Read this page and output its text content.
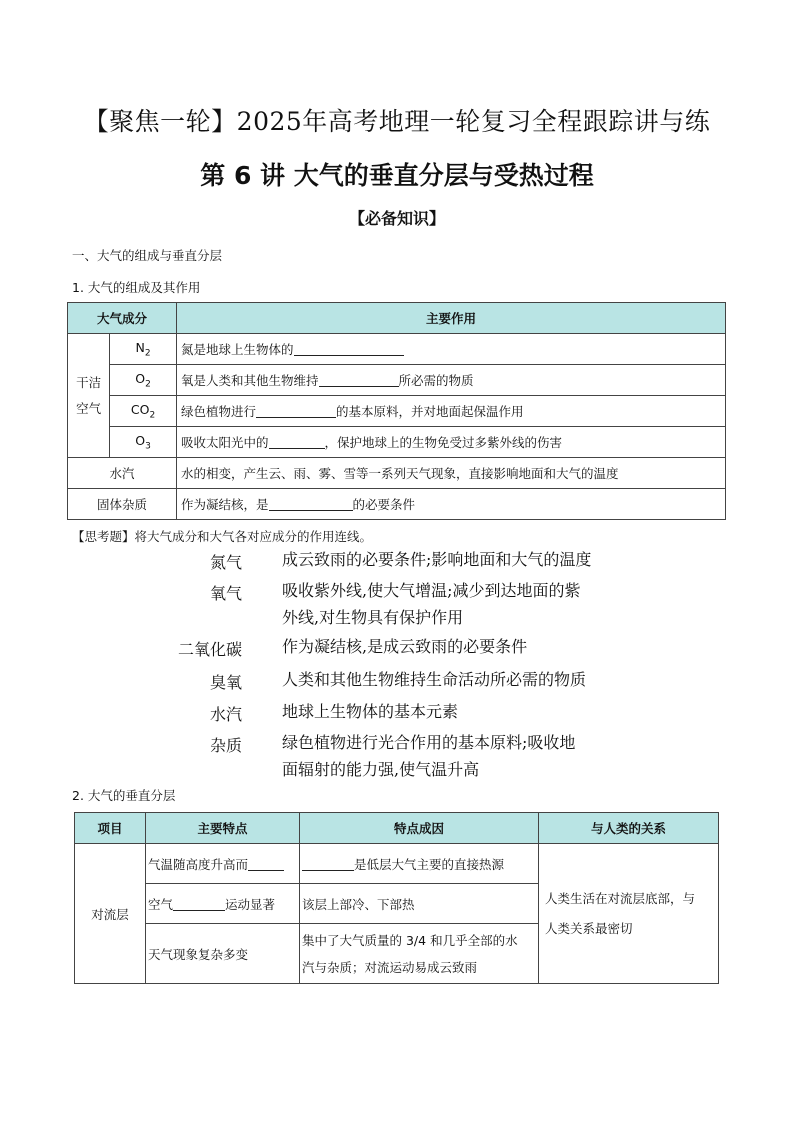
【聚焦一轮】2025年高考地理一轮复习全程跟踪讲与练
第 6 讲 大气的垂直分层与受热过程
【必备知识】
一、大气的组成与垂直分层
1. 大气的组成及其作用
大气成分		主要作用

干洁
空气	$N_2$	氮是地球上生物体的
	$O_2$	氧是人类和其他生物维持 所必需的物质
	$CO_2$	绿色植物进行 的基本原料，并对地面起保温作用
	$O_3$	吸收太阳光中的 ，保护地球上的生物免受过多紫外线的伤害
水汽		水的相变，产生云、雨、雾、雪等一系列天气现象，直接影响地面和大气的温度
固体杂质		作为凝结核，是 的必要条件
【思考题】将大气成分和大气各对应成分的作用连线。
氮气
氧气
二氧化碳
臭氧
水汽
杂质
成云致雨的必要条件;影响地面和大气的温度
吸收紫外线,使大气增温;减少到达地面的紫
外线,对生物具有保护作用
作为凝结核,是成云致雨的必要条件
人类和其他生物维持生命活动所必需的物质
地球上生物体的基本元素
绿色植物进行光合作用的基本原料;吸收地
面辐射的能力强,使气温升高
2. 大气的垂直分层
项目	主要特点	特点成因	与人类的关系
对流层	气温随高度升高而	是低层大气主要的直接热源	人类生活在对流层底部，与
人类关系最密切

	空气 运动显著	该层上部冷、下部热	
	天气现象复杂多变	集中了大气质量的 3/4 和几乎全部的水
汽与杂质；对流运动易成云致雨	
